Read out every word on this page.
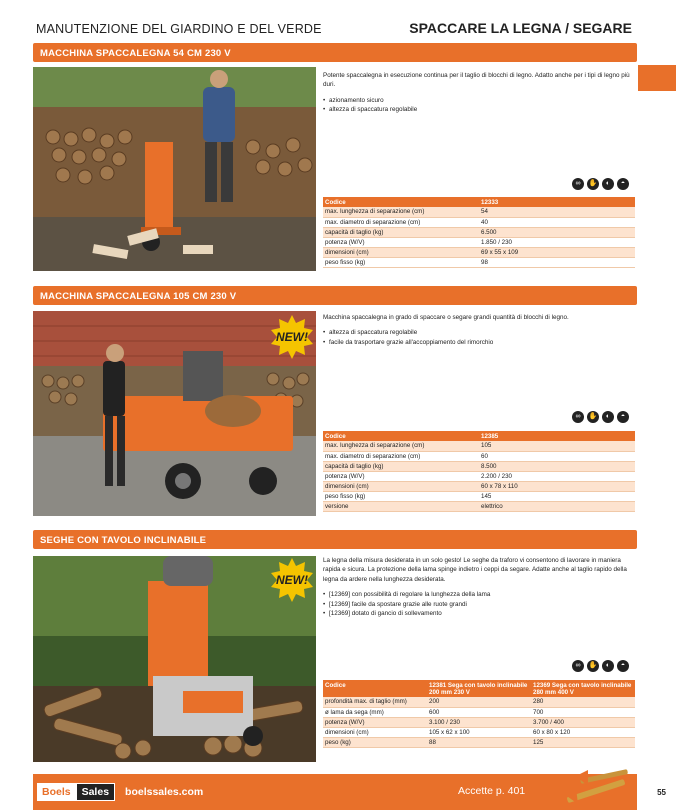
MANUTENZIONE DEL GIARDINO E DEL VERDE	SPACCARE LA LEGNA / SEGARE
55
MACCHINA SPACCALEGNA 54 CM 230 V
Potente spaccalegna in esecuzione continua per il taglio di blocchi di legno. Adatto anche per i tipi di legno più duri.
• azionamento sicuro
• altezza di spaccatura regolabile
∞	✋	◐	◓
Codice	12333
max. lunghezza di separazione (cm)	54
max. diametro di separazione (cm)	40
capacità di taglio (kg)	6.500
potenza (W/V)	1.850 / 230
dimensioni (cm)	69 x 55 x 109
peso fisso (kg)	98
MACCHINA SPACCALEGNA 105 CM 230 V
NEW!
Macchina spaccalegna in grado di spaccare o segare grandi quantità di blocchi di legno.
• altezza di spaccatura regolabile
• facile da trasportare grazie all'accoppiamento del rimorchio
∞	✋	◐	◓
Codice	12385
max. lunghezza di separazione (cm)	105
max. diametro di separazione (cm)	60
capacità di taglio (kg)	8.500
potenza (W/V)	2.200 / 230
dimensioni (cm)	60 x 78 x 110
peso fisso (kg)	145
versione	elettrico
SEGHE CON TAVOLO INCLINABILE
NEW!
La legna della misura desiderata in un solo gesto! Le seghe da traforo vi consentono di lavorare in maniera rapida e sicura. La protezione della lama spinge indietro i ceppi da segare. Adatte anche al taglio rapido della legna da ardere nella lunghezza desiderata.
• [12369] con possibilità di regolare la lunghezza della lama
• [12369] facile da spostare grazie alle ruote grandi
• [12369] dotato di gancio di sollevamento
∞	✋	◐	◓
Codice	12381 Sega con tavolo inclinabile 200 mm 230 V	12369 Sega con tavolo inclinabile 280 mm 400 V
profondità max. di taglio (mm)	200	280
ø lama da sega (mm)	600	700
potenza (W/V)	3.100 / 230	3.700 / 400
dimensioni (cm)	105 x 62 x 100	60 x 80 x 120
peso (kg)	88	125
Boels	Sales	boelssales.com	Accette p. 401
